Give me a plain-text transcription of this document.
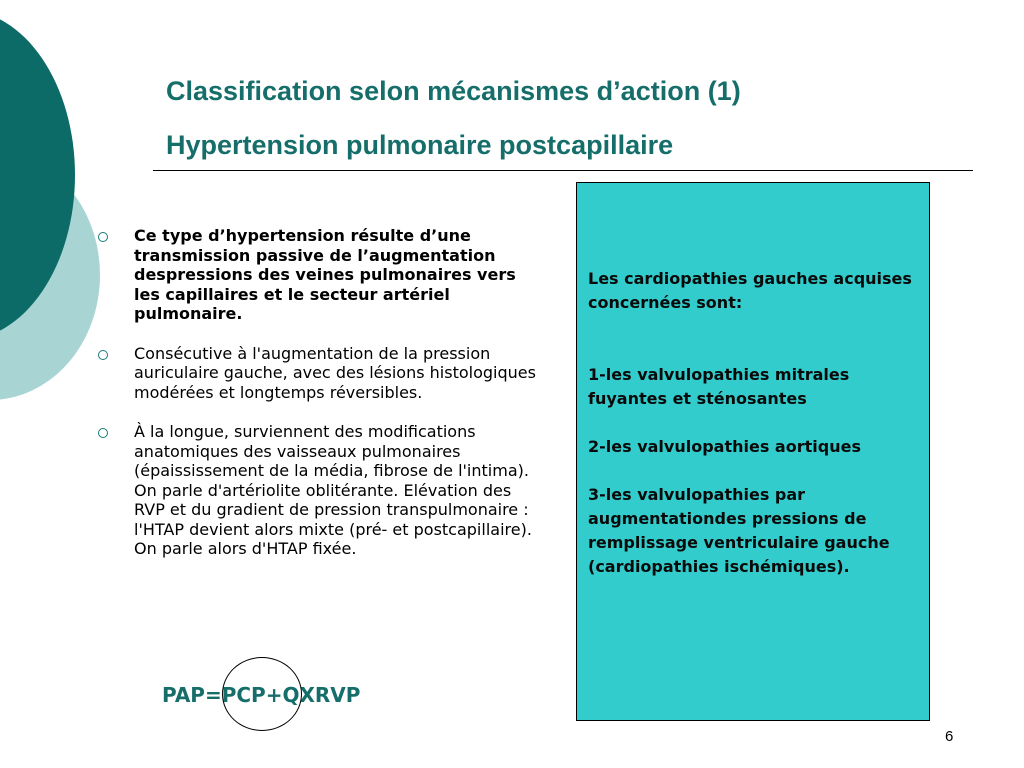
Classification selon mécanismes d’action (1)
Hypertension pulmonaire postcapillaire
Ce type d’hypertension résulte d’une transmission passive de l’augmentation despressions des veines pulmonaires vers les capillaires et le secteur artériel pulmonaire.
Consécutive à l'augmentation de la pression auriculaire gauche, avec des lésions histologiques modérées et longtemps réversibles.
À la longue, surviennent des modifications anatomiques des vaisseaux pulmonaires (épaississement de la média, fibrose de l'intima). On parle d'artériolite oblitérante. Elévation des RVP et du gradient de pression transpulmonaire : l'HTAP devient alors mixte (pré- et postcapillaire). On parle alors d'HTAP fixée.

PAP=PCP+QXRVP

Les cardiopathies gauches acquises concernées sont:

1-les valvulopathies mitrales fuyantes et sténosantes

2-les valvulopathies aortiques

3-les valvulopathies par augmentationdes pressions de remplissage ventriculaire gauche (cardiopathies ischémiques).

6
